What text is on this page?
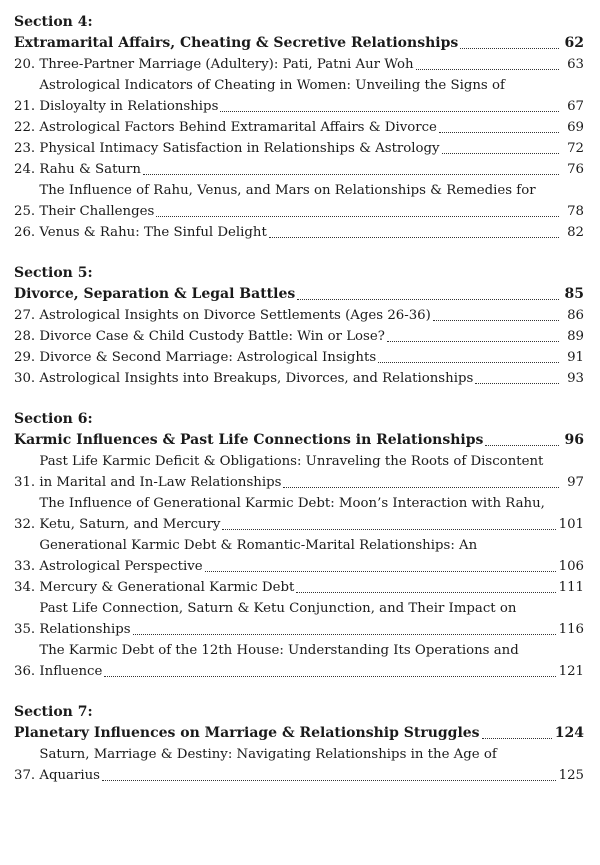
Section 4:
Extramarital Affairs, Cheating & Secretive Relationships	62
20. Three-Partner Marriage (Adultery): Pati, Patni Aur Woh	63
21.
Astrological Indicators of Cheating in Women: Unveiling the Signs of
Disloyalty in Relationships	67
22. Astrological Factors Behind Extramarital Affairs & Divorce	69
23. Physical Intimacy Satisfaction in Relationships & Astrology	72
24. Rahu & Saturn	76
25.
The Influence of Rahu, Venus, and Mars on Relationships & Remedies for
Their Challenges	78
26. Venus & Rahu: The Sinful Delight	82
Section 5:
Divorce, Separation & Legal Battles	85
27. Astrological Insights on Divorce Settlements (Ages 26-36)	86
28. Divorce Case & Child Custody Battle: Win or Lose?	89
29. Divorce & Second Marriage: Astrological Insights	91
30. Astrological Insights into Breakups, Divorces, and Relationships	93
Section 6:
Karmic Influences & Past Life Connections in Relationships	96
31.
Past Life Karmic Deficit & Obligations: Unraveling the Roots of Discontent
in Marital and In-Law Relationships	97
32.
The Influence of Generational Karmic Debt: Moon’s Interaction with Rahu,
Ketu, Saturn, and Mercury	101
33.
Generational Karmic Debt & Romantic-Marital Relationships: An
Astrological Perspective	106
34. Mercury & Generational Karmic Debt	111
35.
Past Life Connection, Saturn & Ketu Conjunction, and Their Impact on
Relationships	116
36.
The Karmic Debt of the 12th House: Understanding Its Operations and
Influence	121
Section 7:
Planetary Influences on Marriage & Relationship Struggles	124
37.
Saturn, Marriage & Destiny: Navigating Relationships in the Age of
Aquarius	125
